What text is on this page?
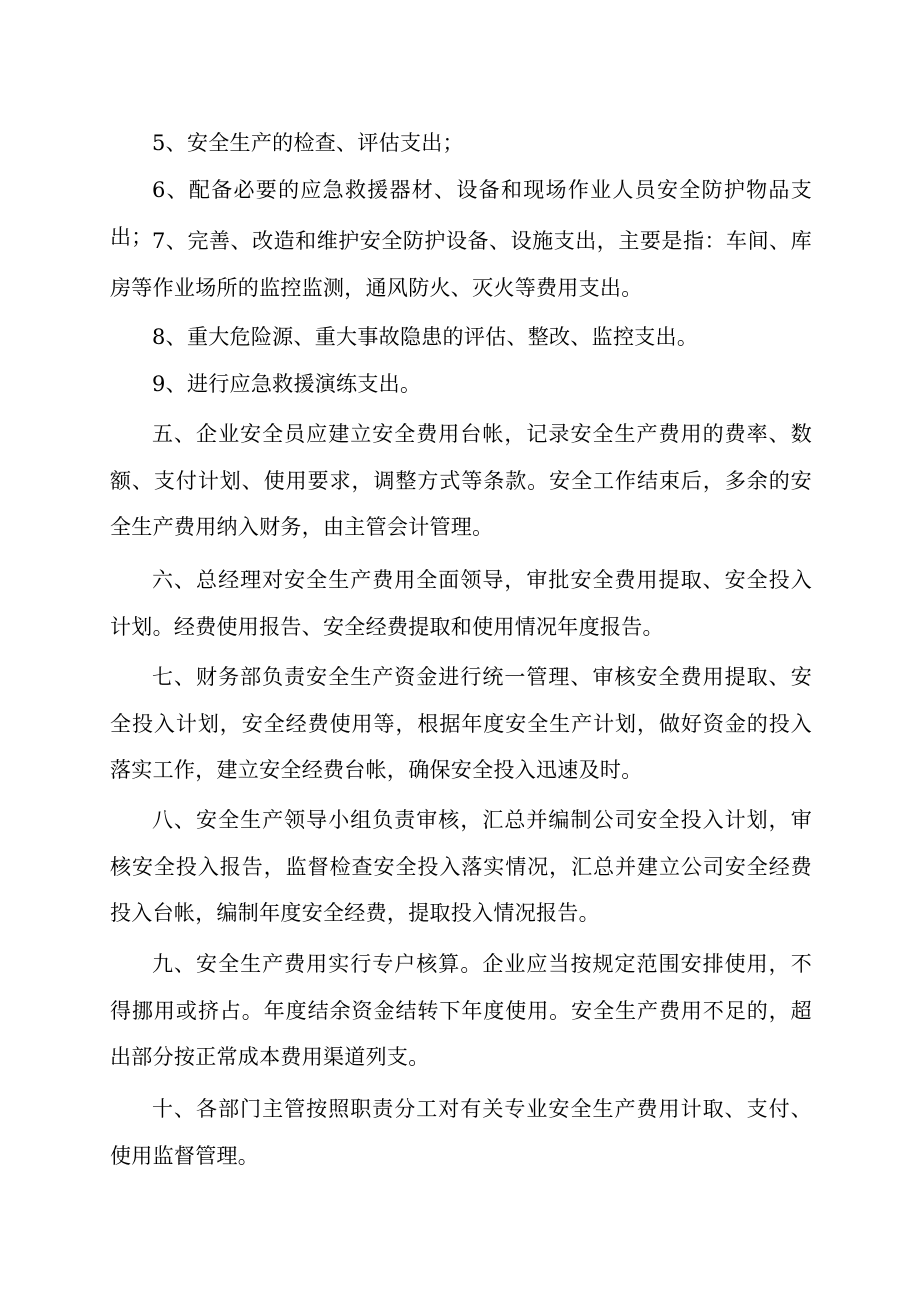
5、安全生产的检查、评估支出；

6、配备必要的应急救援器材、设备和现场作业人员安全防护物品支出； 7、完善、改造和维护安全防护设备、设施支出，主要是指：车间、库房等作业场所的监控监测，通风防火、灭火等费用支出。

8、重大危险源、重大事故隐患的评估、整改、监控支出。

9、进行应急救援演练支出。

五、企业安全员应建立安全费用台帐，记录安全生产费用的费率、数额、支付计划、使用要求，调整方式等条款。安全工作结束后，多余的安全生产费用纳入财务，由主管会计管理。

六、总经理对安全生产费用全面领导，审批安全费用提取、安全投入计划。经费使用报告、安全经费提取和使用情况年度报告。

七、财务部负责安全生产资金进行统一管理、审核安全费用提取、安全投入计划，安全经费使用等，根据年度安全生产计划，做好资金的投入落实工作，建立安全经费台帐，确保安全投入迅速及时。

八、安全生产领导小组负责审核，汇总并编制公司安全投入计划，审核安全投入报告，监督检查安全投入落实情况，汇总并建立公司安全经费投入台帐，编制年度安全经费，提取投入情况报告。

九、安全生产费用实行专户核算。企业应当按规定范围安排使用，不得挪用或挤占。年度结余资金结转下年度使用。安全生产费用不足的，超出部分按正常成本费用渠道列支。

十、各部门主管按照职责分工对有关专业安全生产费用计取、支付、使用监督管理。
